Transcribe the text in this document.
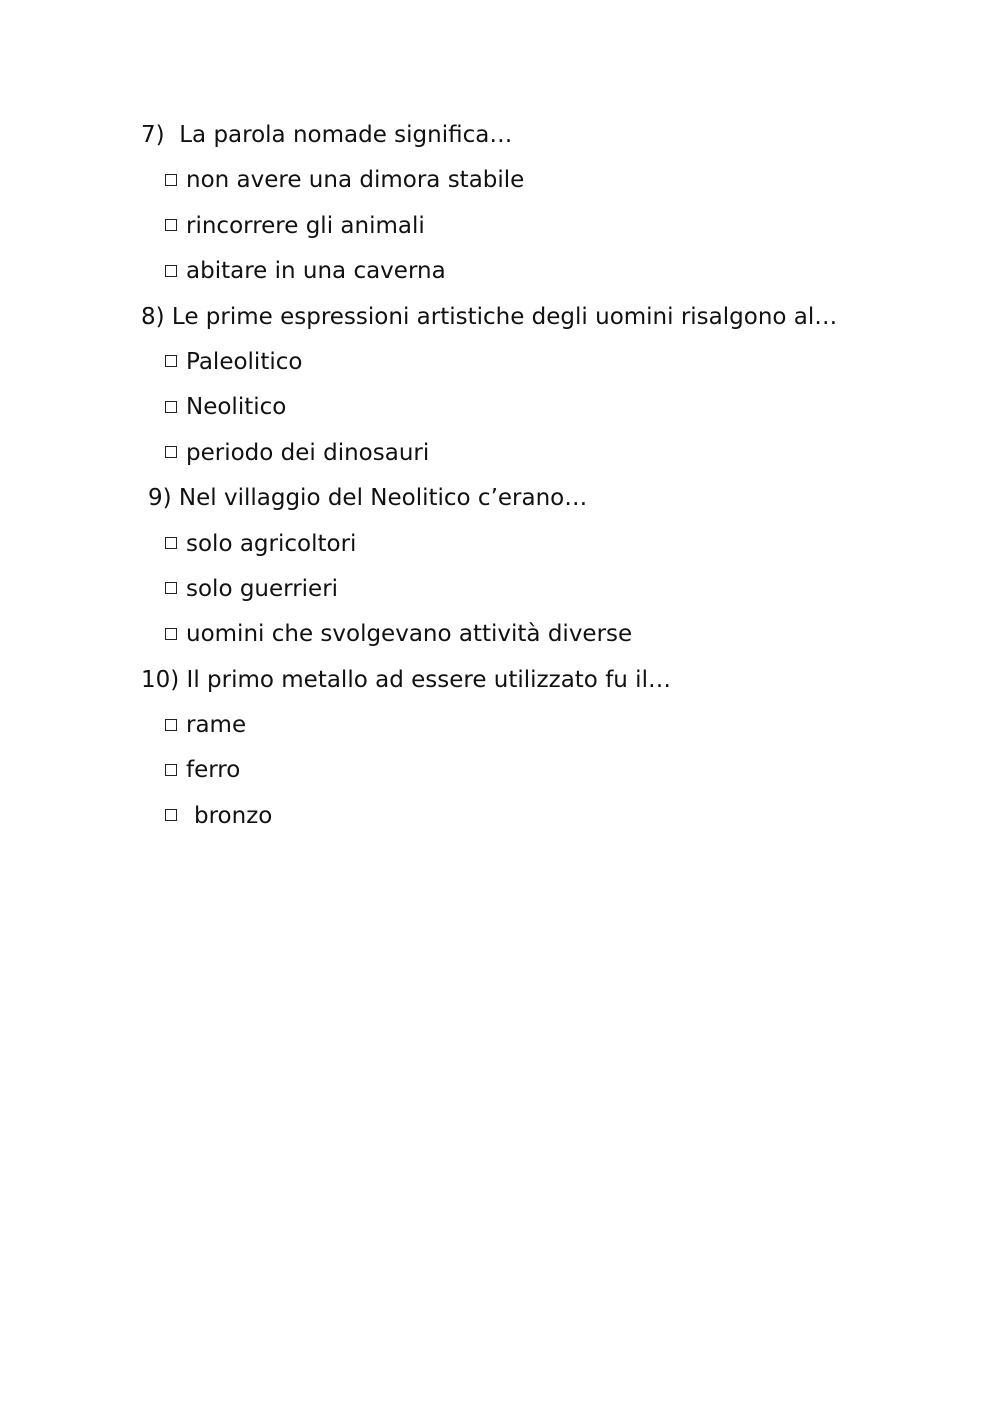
7)  La parola nomade significa…
non avere una dimora stabile
rincorrere gli animali
abitare in una caverna
8) Le prime espressioni artistiche degli uomini risalgono al…
Paleolitico
Neolitico
periodo dei dinosauri
9) Nel villaggio del Neolitico c’erano…
solo agricoltori
solo guerrieri
uomini che svolgevano attività diverse
10) Il primo metallo ad essere utilizzato fu il…
rame
ferro
bronzo
